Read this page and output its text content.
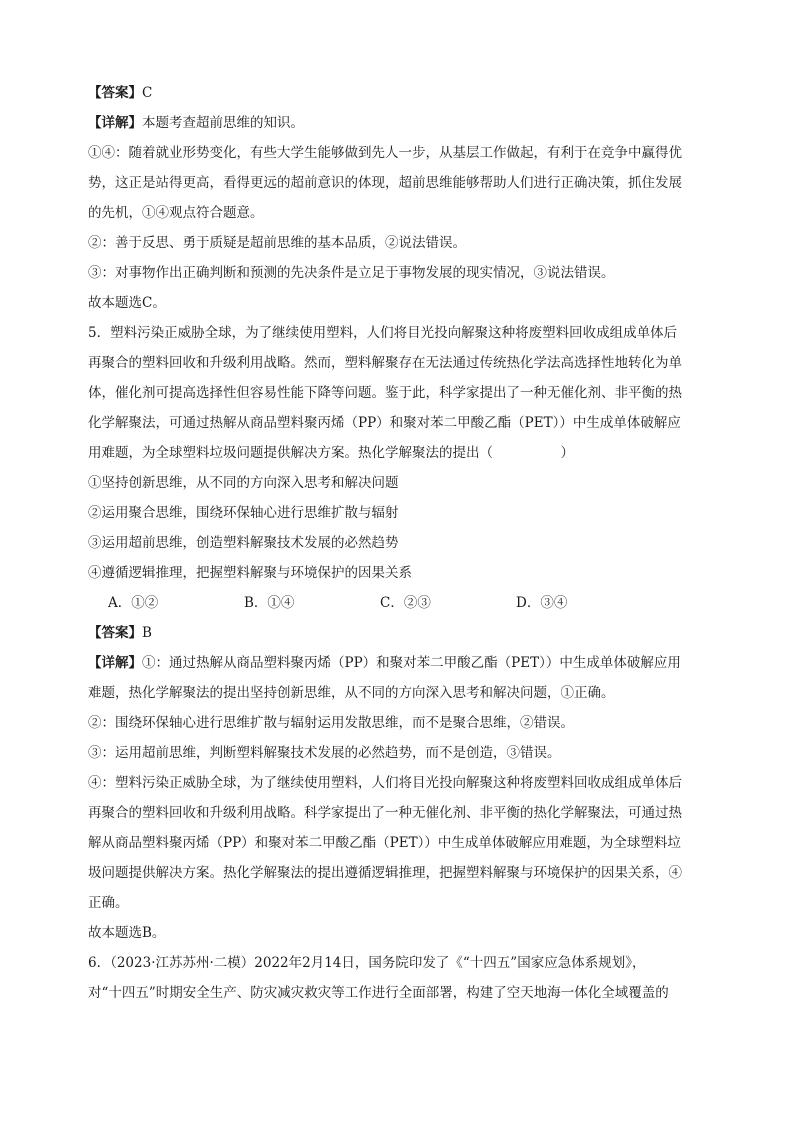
【答案】C
【详解】本题考查超前思维的知识。
①④：随着就业形势变化，有些大学生能够做到先人一步，从基层工作做起，有利于在竞争中赢得优
势，这正是站得更高，看得更远的超前意识的体现，超前思维能够帮助人们进行正确决策，抓住发展
的先机，①④观点符合题意。
②：善于反思、勇于质疑是超前思维的基本品质，②说法错误。
③：对事物作出正确判断和预测的先决条件是立足于事物发展的现实情况，③说法错误。
故本题选C。
5．塑料污染正威胁全球，为了继续使用塑料，人们将目光投向解聚这种将废塑料回收成组成单体后
再聚合的塑料回收和升级利用战略。然而，塑料解聚存在无法通过传统热化学法高选择性地转化为单
体，催化剂可提高选择性但容易性能下降等问题。鉴于此，科学家提出了一种无催化剂、非平衡的热
化学解聚法，可通过热解从商品塑料聚丙烯（PP）和聚对苯二甲酸乙酯（PET））中生成单体破解应
用难题，为全球塑料垃圾问题提供解决方案。热化学解聚法的提出（　　　　　）
①坚持创新思维，从不同的方向深入思考和解决问题
②运用聚合思维，围绕环保轴心进行思维扩散与辐射
③运用超前思维，创造塑料解聚技术发展的必然趋势
④遵循逻辑推理，把握塑料解聚与环境保护的因果关系
A．①②	B．①④	C．②③	D．③④
【答案】B
【详解】①：通过热解从商品塑料聚丙烯（PP）和聚对苯二甲酸乙酯（PET））中生成单体破解应用
难题，热化学解聚法的提出坚持创新思维，从不同的方向深入思考和解决问题，①正确。
②：围绕环保轴心进行思维扩散与辐射运用发散思维，而不是聚合思维，②错误。
③：运用超前思维，判断塑料解聚技术发展的必然趋势，而不是创造，③错误。
④：塑料污染正威胁全球，为了继续使用塑料，人们将目光投向解聚这种将废塑料回收成组成单体后
再聚合的塑料回收和升级利用战略。科学家提出了一种无催化剂、非平衡的热化学解聚法，可通过热
解从商品塑料聚丙烯（PP）和聚对苯二甲酸乙酯（PET））中生成单体破解应用难题，为全球塑料垃
圾问题提供解决方案。热化学解聚法的提出遵循逻辑推理，把握塑料解聚与环境保护的因果关系，④
正确。
故本题选B。
6．（2023·江苏苏州·二模）2022年2月14日，国务院印发了《“十四五”国家应急体系规划》，
对“十四五”时期安全生产、防灾减灾救灾等工作进行全面部署，构建了空天地海一体化全域覆盖的
